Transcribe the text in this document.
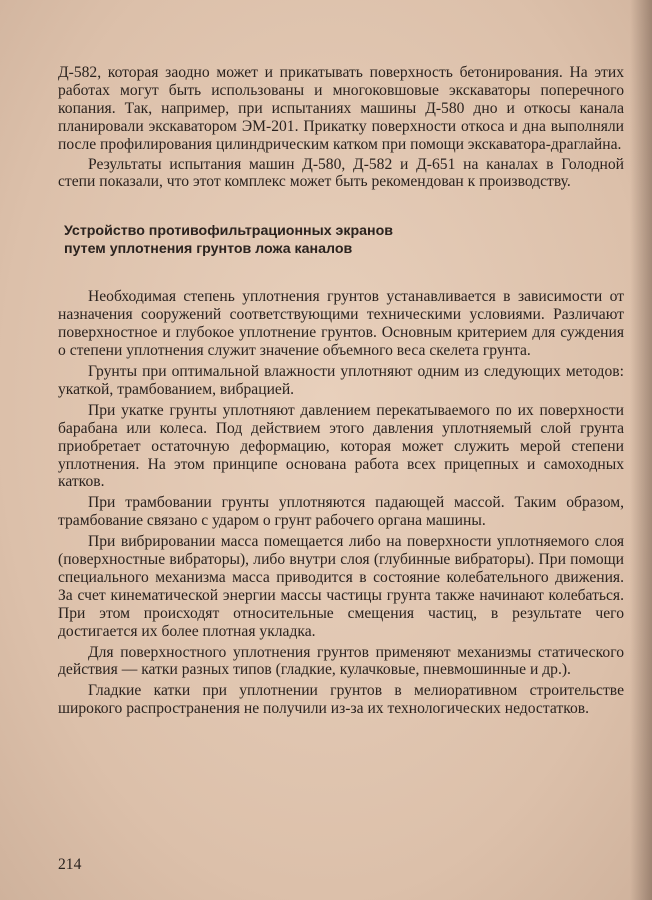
Д-582, которая заодно может и прикатывать поверхность бетонирования. На этих работах могут быть использованы и многоковшовые экскаваторы поперечного копания. Так, например, при испытаниях машины Д-580 дно и откосы канала планировали экскаватором ЭМ-201. Прикатку поверхности откоса и дна выполняли после профилирования цилиндрическим катком при помощи экскаватора-драглайна.

Результаты испытания машин Д-580, Д-582 и Д-651 на каналах в Голодной степи показали, что этот комплекс может быть рекомендован к производству.

Устройство противофильтрационных экранов
путем уплотнения грунтов ложа каналов

Необходимая степень уплотнения грунтов устанавливается в зависимости от назначения сооружений соответствующими техническими условиями. Различают поверхностное и глубокое уплотнение грунтов. Основным критерием для суждения о степени уплотнения служит значение объемного веса скелета грунта.

Грунты при оптимальной влажности уплотняют одним из следующих методов: укаткой, трамбованием, вибрацией.

При укатке грунты уплотняют давлением перекатываемого по их поверхности барабана или колеса. Под действием этого давления уплотняемый слой грунта приобретает остаточную деформацию, которая может служить мерой степени уплотнения. На этом принципе основана работа всех прицепных и самоходных катков.

При трамбовании грунты уплотняются падающей массой. Таким образом, трамбование связано с ударом о грунт рабочего органа машины.

При вибрировании масса помещается либо на поверхности уплотняемого слоя (поверхностные вибраторы), либо внутри слоя (глубинные вибраторы). При помощи специального механизма масса приводится в состояние колебательного движения. За счет кинематической энергии массы частицы грунта также начинают колебаться. При этом происходят относительные смещения частиц, в результате чего достигается их более плотная укладка.

Для поверхностного уплотнения грунтов применяют механизмы статического действия — катки разных типов (гладкие, кулачковые, пневмошинные и др.).

Гладкие катки при уплотнении грунтов в мелиоративном строительстве широкого распространения не получили из-за их технологических недостатков.

214
